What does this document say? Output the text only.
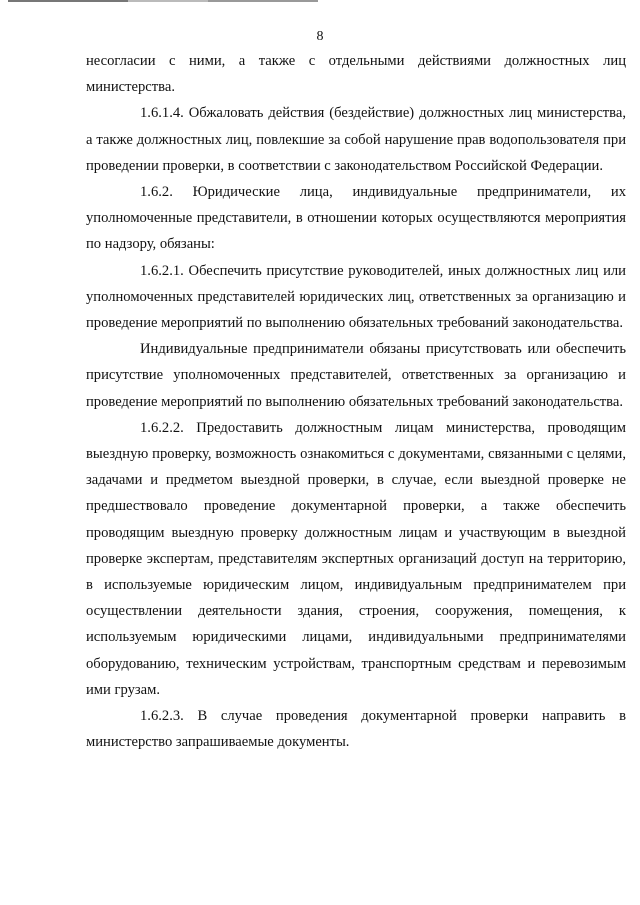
8

несогласии с ними, а также с отдельными действиями должностных лиц министерства.

1.6.1.4. Обжаловать действия (бездействие) должностных лиц министерства, а также должностных лиц, повлекшие за собой нарушение прав водопользователя при проведении проверки, в соответствии с законодательством Российской Федерации.

1.6.2. Юридические лица, индивидуальные предприниматели, их уполномоченные представители, в отношении которых осуществляются мероприятия по надзору, обязаны:

1.6.2.1. Обеспечить присутствие руководителей, иных должностных лиц или уполномоченных представителей юридических лиц, ответственных за организацию и проведение мероприятий по выполнению обязательных требований законодательства.

Индивидуальные предприниматели обязаны присутствовать или обеспечить присутствие уполномоченных представителей, ответственных за организацию и проведение мероприятий по выполнению обязательных требований законодательства.

1.6.2.2. Предоставить должностным лицам министерства, проводящим выездную проверку, возможность ознакомиться с документами, связанными с целями, задачами и предметом выездной проверки, в случае, если выездной проверке не предшествовало проведение документарной проверки, а также обеспечить проводящим выездную проверку должностным лицам и участвующим в выездной проверке экспертам, представителям экспертных организаций доступ на территорию, в используемые юридическим лицом, индивидуальным предпринимателем при осуществлении деятельности здания, строения, сооружения, помещения, к используемым юридическими лицами, индивидуальными предпринимателями оборудованию, техническим устройствам, транспортным средствам и перевозимым ими грузам.

1.6.2.3. В случае проведения документарной проверки направить в министерство запрашиваемые документы.
